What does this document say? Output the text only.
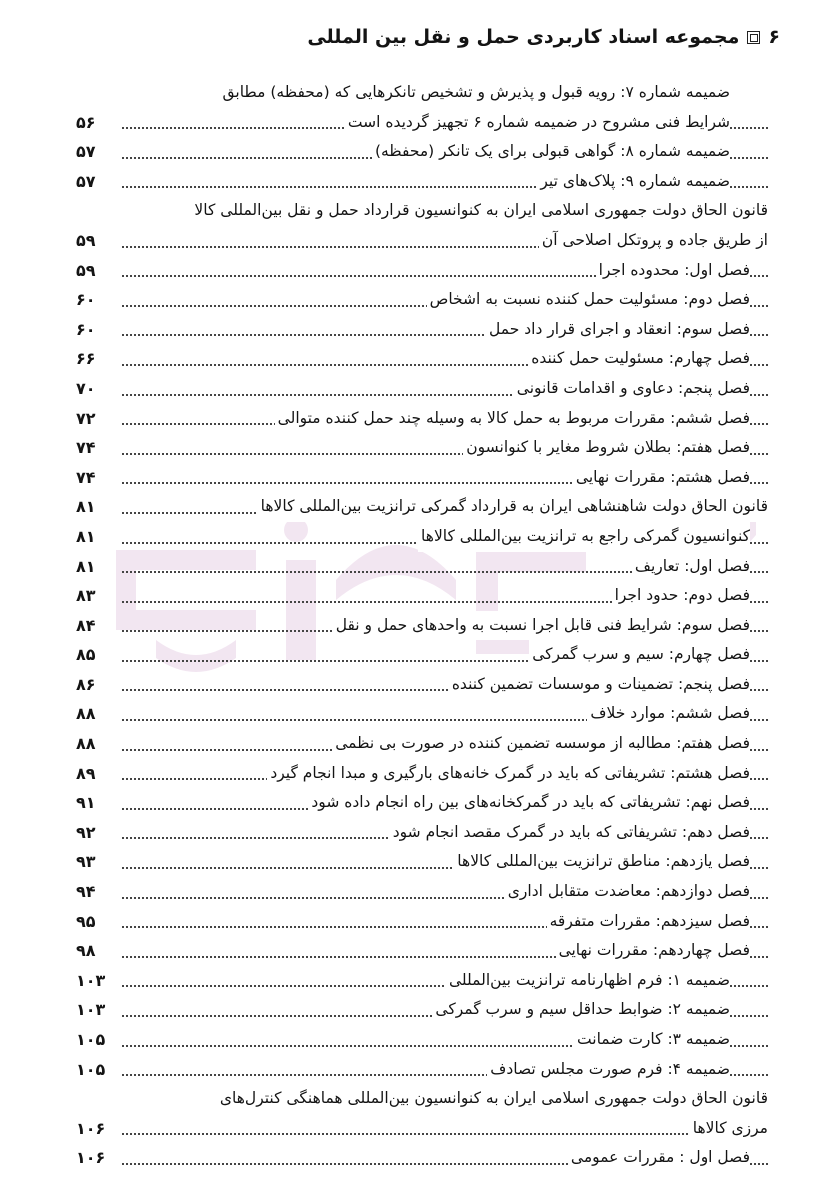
۶مجموعه اسناد کاربردی حمل و نقل بین المللی
ضمیمه شماره ۷: رویه قبول و پذیرش و تشخیص تانکرهایی که (محفظه) مطابق
۵۶	شرایط فنی مشروح در ضمیمه شماره ۶ تجهیز گردیده است
۵۷	ضمیمه شماره ۸: گواهی قبولی برای یک تانکر (محفظه)
۵۷	ضمیمه شماره ۹: پلاک‌های تیر
قانون الحاق دولت جمهوری اسلامی ایران به کنوانسیون قرارداد حمل و نقل بین‌المللی کالا
۵۹	از طریق جاده و پروتکل اصلاحی آن
۵۹	فصل اول: محدوده اجرا
۶۰	فصل دوم: مسئولیت حمل کننده نسبت به اشخاص
۶۰	فصل سوم: انعقاد و اجرای قرار داد حمل
۶۶	فصل چهارم: مسئولیت حمل کننده
۷۰	فصل پنجم: دعاوی و اقدامات قانونی
۷۲	فصل ششم: مقررات مربوط به حمل کالا به وسیله چند حمل کننده متوالی
۷۴	فصل هفتم: بطلان شروط مغایر با کنوانسون
۷۴	فصل هشتم: مقررات نهایی
۸۱	قانون الحاق دولت شاهنشاهی ایران به قرارداد گمرکی ترانزیت بین‌المللی کالاها
۸۱	کنوانسیون گمرکی راجع به ترانزیت بین‌المللی کالاها
۸۱	فصل اول: تعاریف
۸۳	فصل دوم: حدود اجرا
۸۴	فصل سوم: شرایط فنی قابل اجرا نسبت به واحدهای حمل و نقل
۸۵	فصل چهارم: سیم و سرب گمرکی
۸۶	فصل پنجم: تضمینات و موسسات تضمین کننده
۸۸	فصل ششم: موارد خلاف
۸۸	فصل هفتم: مطالبه از موسسه تضمین کننده در صورت بی نظمی
۸۹	فصل هشتم: تشریفاتی که باید در گمرک خانه‌های بارگیری و مبدا انجام گیرد
۹۱	فصل نهم: تشریفاتی که باید در گمرکخانه‌های بین راه انجام داده شود
۹۲	فصل دهم: تشریفاتی که باید در گمرک مقصد انجام شود
۹۳	فصل یازدهم: مناطق ترانزیت بین‌المللی کالاها
۹۴	فصل دوازدهم: معاضدت متقابل اداری
۹۵	فصل سیزدهم: مقررات متفرقه
۹۸	فصل چهاردهم: مقررات نهایی
۱۰۳	ضمیمه ۱: فرم اظهارنامه ترانزیت بین‌المللی
۱۰۳	ضمیمه ۲: ضوابط حداقل سیم و سرب گمرکی
۱۰۵	ضمیمه ۳: کارت ضمانت
۱۰۵	ضمیمه ۴: فرم صورت مجلس تصادف
قانون الحاق دولت جمهوری اسلامی ایران به کنوانسیون بین‌المللی هماهنگی کنترل‌های
۱۰۶	مرزی کالاها
۱۰۶	فصل اول : مقررات عمومی
